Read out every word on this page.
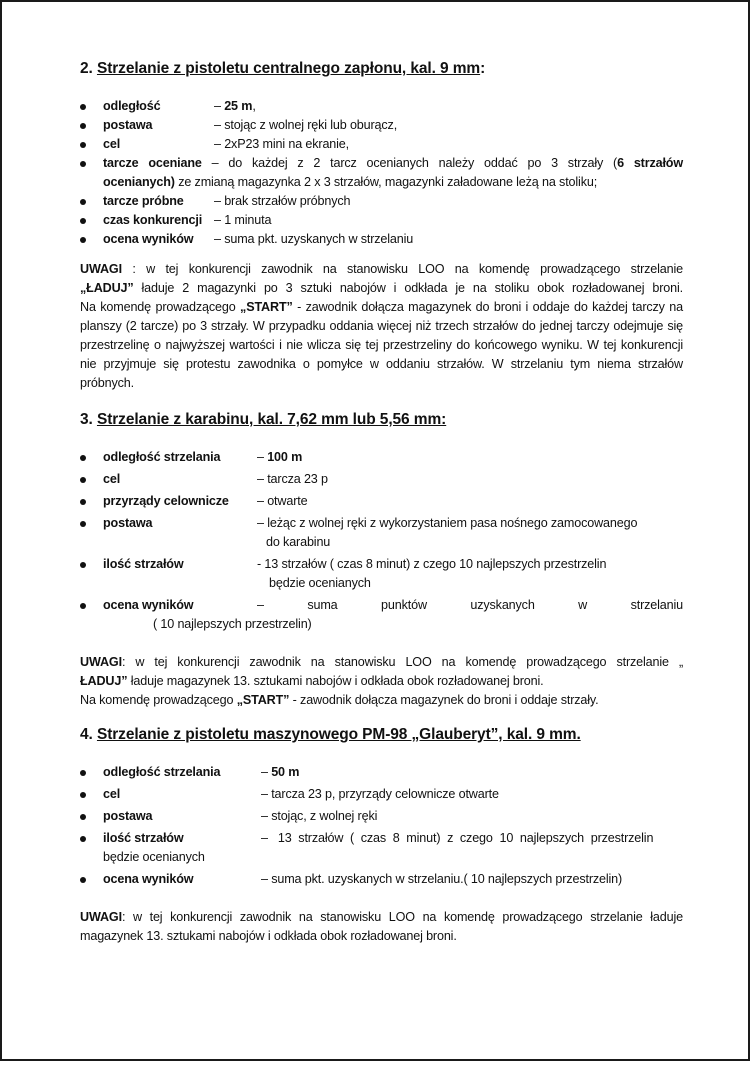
2. Strzelanie z pistoletu centralnego zapłonu, kal. 9 mm:
odległość	– 25 m,
postawa	– stojąc z wolnej ręki lub oburącz,
cel	– 2xP23 mini na ekranie,
tarcze oceniane – do każdej z 2 tarcz ocenianych należy oddać po 3 strzały (6 strzałów
ocenianych) ze zmianą magazynka 2 x 3 strzałów, magazynki załadowane leżą na stoliku;
tarcze próbne	– brak strzałów próbnych
czas konkurencji – 1 minuta
ocena wyników	– suma pkt. uzyskanych w strzelaniu
UWAGI : w tej konkurencji zawodnik na stanowisku LOO na komendę prowadzącego strzelanie
„ŁADUJ” ładuje 2 magazynki po 3 sztuki nabojów i odkłada je na stoliku obok rozładowanej broni.
Na komendę prowadzącego „START” - zawodnik dołącza magazynek do broni i oddaje do każdej tarczy na planszy (2 tarcze) po 3 strzały. W przypadku oddania więcej niż trzech strzałów do jednej tarczy odejmuje się przestrzelinę o najwyższej wartości i nie wlicza się tej przestrzeliny do końcowego wyniku. W tej konkurencji nie przyjmuje się protestu zawodnika o pomyłce w oddaniu strzałów. W strzelaniu tym niema strzałów próbnych.
3. Strzelanie z karabinu, kal. 7,62 mm lub 5,56 mm:
odległość strzelania	– 100 m
cel	– tarcza 23 p
przyrządy celownicze	– otwarte
postawa	– leżąc z wolnej ręki z wykorzystaniem pasa nośnego zamocowanego
do karabinu
ilość strzałów	- 13 strzałów ( czas 8 minut) z czego 10 najlepszych przestrzelin
będzie ocenianych
ocena wyników	–        suma        punktów        uzyskanych        w        strzelaniu
( 10 najlepszych przestrzelin)
UWAGI: w tej konkurencji zawodnik na stanowisku LOO na komendę prowadzącego strzelanie „
ŁADUJ” ładuje magazynek 13. sztukami nabojów i odkłada obok rozładowanej broni.
Na komendę prowadzącego „START” - zawodnik dołącza magazynek do broni i oddaje strzały.
4. Strzelanie z pistoletu maszynowego PM-98 „Glauberyt”, kal. 9 mm.
odległość strzelania	– 50 m
cel	– tarcza 23 p, przyrządy celownicze otwarte
postawa	– stojąc, z wolnej ręki
ilość strzałów	–   13  strzałów  (  czas  8  minut)  z  czego  10  najlepszych  przestrzelin
będzie ocenianych
ocena wyników	– suma pkt. uzyskanych w strzelaniu.( 10 najlepszych przestrzelin)
UWAGI: w tej konkurencji zawodnik na stanowisku LOO na komendę prowadzącego strzelanie ładuje magazynek 13. sztukami nabojów i odkłada obok rozładowanej broni.
